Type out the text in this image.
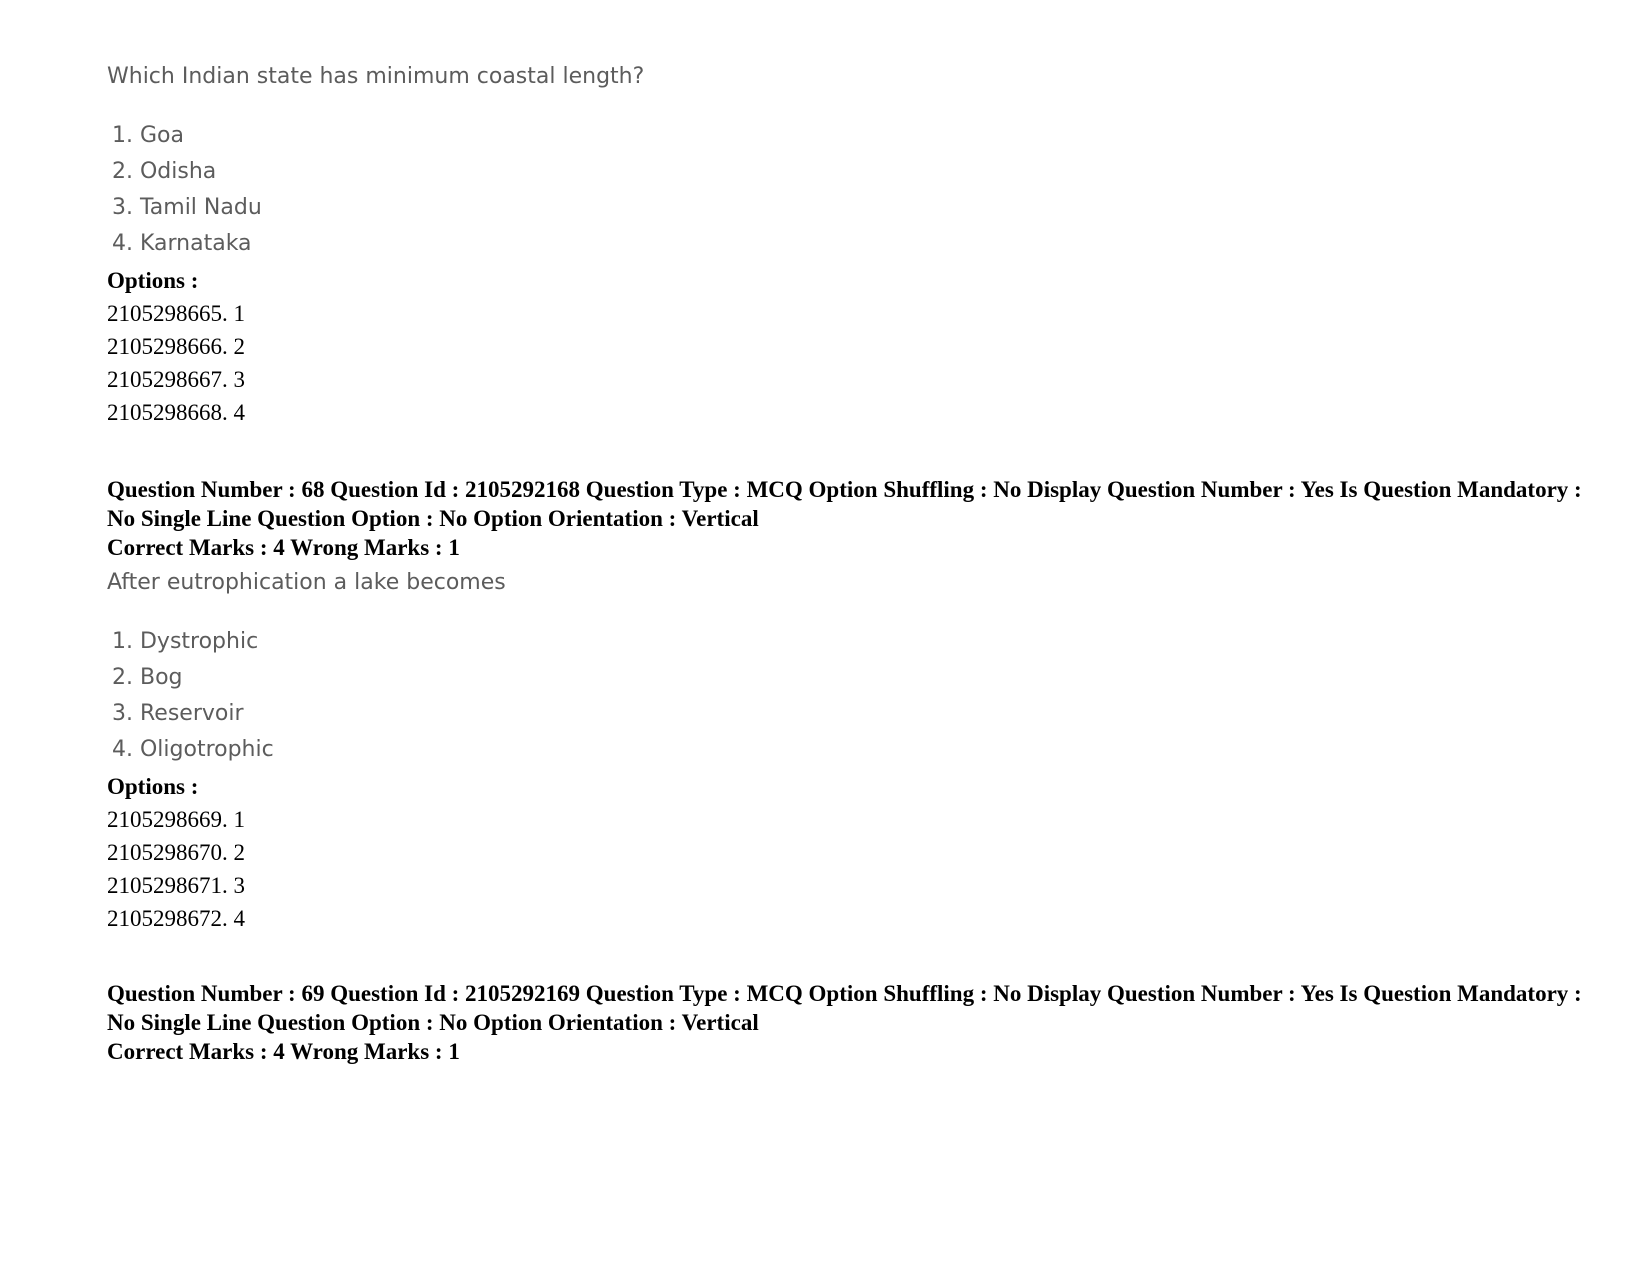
Which Indian state has minimum coastal length?
1. Goa
2. Odisha
3. Tamil Nadu
4. Karnataka
Options :
2105298665. 1
2105298666. 2
2105298667. 3
2105298668. 4
Question Number : 68 Question Id : 2105292168 Question Type : MCQ Option Shuffling : No Display Question Number : Yes Is Question Mandatory : No Single Line Question Option : No Option Orientation : Vertical
Correct Marks : 4 Wrong Marks : 1
After eutrophication a lake becomes
1. Dystrophic
2. Bog
3. Reservoir
4. Oligotrophic
Options :
2105298669. 1
2105298670. 2
2105298671. 3
2105298672. 4
Question Number : 69 Question Id : 2105292169 Question Type : MCQ Option Shuffling : No Display Question Number : Yes Is Question Mandatory : No Single Line Question Option : No Option Orientation : Vertical
Correct Marks : 4 Wrong Marks : 1
